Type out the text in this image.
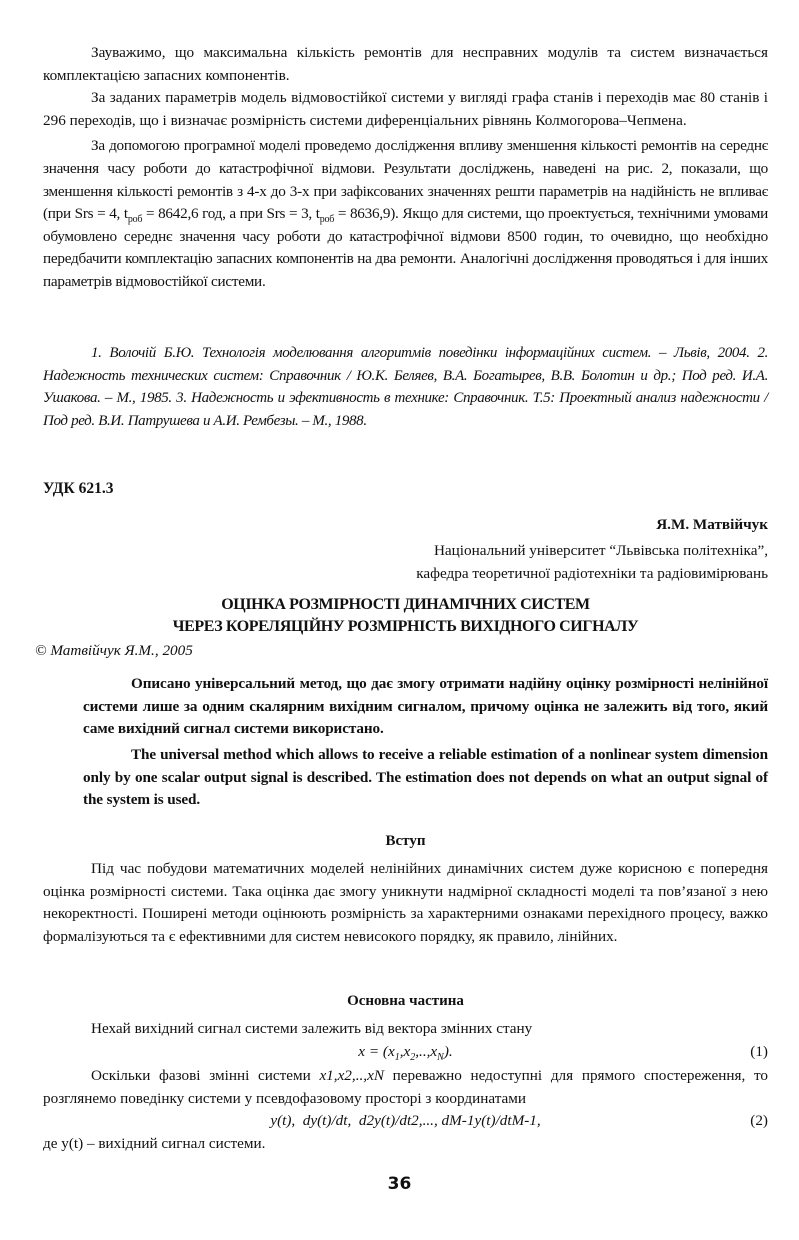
Зауважимо, що максимальна кількість ремонтів для несправних модулів та систем визначається комплектацією запасних компонентів.

За заданих параметрів модель відмовостійкої системи у вигляді графа станів і переходів має 80 станів і 296 переходів, що і визначає розмірність системи диференціальних рівнянь Колмогорова–Чепмена.

За допомогою програмної моделі проведемо дослідження впливу зменшення кількості ремонтів на середнє значення часу роботи до катастрофічної відмови. Результати досліджень, наведені на рис. 2, показали, що зменшення кількості ремонтів з 4-х до 3-х при зафіксованих значеннях решти параметрів на надійність не впливає (при Srs = 4, $t_{роб} = 8642,6$ год, а при Srs = 3, $t_{роб} = 8636,9$). Якщо для системи, що проектується, технічними умовами обумовлено середнє значення часу роботи до катастрофічної відмови 8500 годин, то очевидно, що необхідно передбачити комплектацію запасних компонентів на два ремонти. Аналогічні дослідження проводяться і для інших параметрів відмовостійкої системи.

1. Волочій Б.Ю. Технологія моделювання алгоритмів поведінки інформаційних систем. – Львів, 2004. 2. Надежность технических систем: Справочник / Ю.К. Беляев, В.А. Богатырев, В.В. Болотин и др.; Под ред. И.А. Ушакова. – М., 1985. 3. Надежность и эфективность в технике: Справочник. Т.5: Проектный анализ надежности / Под ред. В.И. Патрушева и А.И. Рембезы. – М., 1988.

УДК 621.3
Я.М. Матвійчук
Національний університет “Львівська політехніка”,
кафедра теоретичної радіотехніки та радіовимірювань
ОЦІНКА РОЗМІРНОСТІ ДИНАМІЧНИХ СИСТЕМ
ЧЕРЕЗ КОРЕЛЯЦІЙНУ РОЗМІРНІСТЬ ВИХІДНОГО СИГНАЛУ
© Матвійчук Я.М., 2005

Описано універсальний метод, що дає змогу отримати надійну оцінку розмірності нелінійної системи лише за одним скалярним вихідним сигналом, причому оцінка не залежить від того, який саме вихідний сигнал системи використано.

The universal method which allows to receive a reliable estimation of a nonlinear system dimension only by one scalar output signal is described. The estimation does not depends on what an output signal of the system is used.

Вступ

Під час побудови математичних моделей нелінійних динамічних систем дуже корисною є попередня оцінка розмірності системи. Така оцінка дає змогу уникнути надмірної складності моделі та пов’язаної з нею некоректності. Поширені методи оцінюють розмірність за характерними ознаками перехідного процесу, важко формалізуються та є ефективними для систем невисокого порядку, як правило, лінійних.

Основна частина

Нехай вихідний сигнал системи залежить від вектора змінних стану

$x = (x_1,x_2,..,x_N)$.	(1)

Оскільки фазові змінні системи x1,x2,..,xN переважно недоступні для прямого спостереження, то розглянемо поведінку системи у псевдофазовому просторі з координатами

y(t),  dy(t)/dt,  d2y(t)/dt2,..., dM-1y(t)/dtM-1,	(2)

де y(t) – вихідний сигнал системи.

36
